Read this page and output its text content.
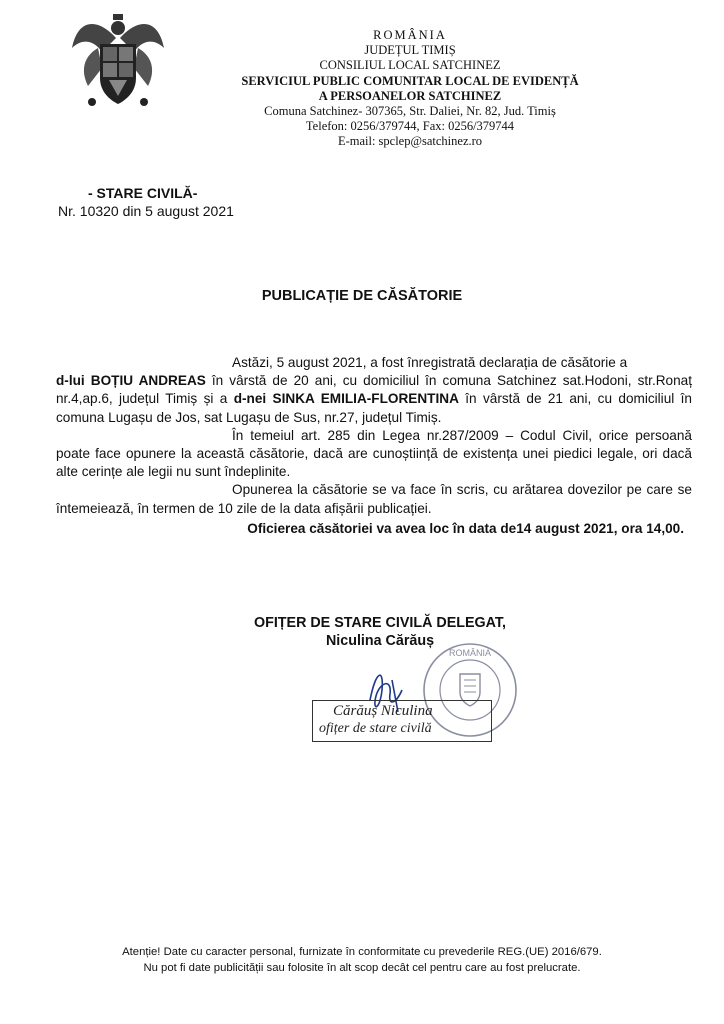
ROMÂNIA
JUDEȚUL TIMIȘ
CONSILIUL LOCAL SATCHINEZ
SERVICIUL PUBLIC COMUNITAR LOCAL DE EVIDENȚĂ
A PERSOANELOR SATCHINEZ
Comuna Satchinez- 307365, Str. Daliei, Nr. 82, Jud. Timiș
Telefon: 0256/379744, Fax: 0256/379744
E-mail: spclep@satchinez.ro
- STARE CIVILĂ-
Nr. 10320 din 5 august 2021
PUBLICAȚIE DE CĂSĂTORIE

Astăzi, 5 august 2021, a fost înregistrată declarația de căsătorie a
d-lui BOȚIU ANDREAS în vârstă de 20 ani, cu domiciliul în comuna Satchinez sat.Hodoni, str.Ronaț nr.4,ap.6, județul Timiș și a d-nei SINKA EMILIA-FLORENTINA în vârstă de 21 ani, cu domiciliul în comuna Lugașu de Jos, sat Lugașu de Sus, nr.27, județul Timiș.

În temeiul art. 285 din Legea nr.287/2009 – Codul Civil, orice persoană poate face opunere la această căsătorie, dacă are cunoștiință de existența unei piedici legale, ori dacă alte cerințe ale legii nu sunt îndeplinite.

Opunerea la căsătorie se va face în scris, cu arătarea dovezilor pe care se întemeiează, în termen de 10 zile de la data afișării publicației.

Oficierea căsătoriei va avea loc în data de14 august 2021, ora 14,00.

OFIȚER DE STARE CIVILĂ DELEGAT,
Niculina Cărăuș
ROMÂNIA
Cărăuș Niculina
ofițer de stare civilă
Atenție! Date cu caracter personal, furnizate în conformitate cu prevederile REG.(UE) 2016/679.
Nu pot fi date publicității sau folosite în alt scop decât cel pentru care au fost prelucrate.
